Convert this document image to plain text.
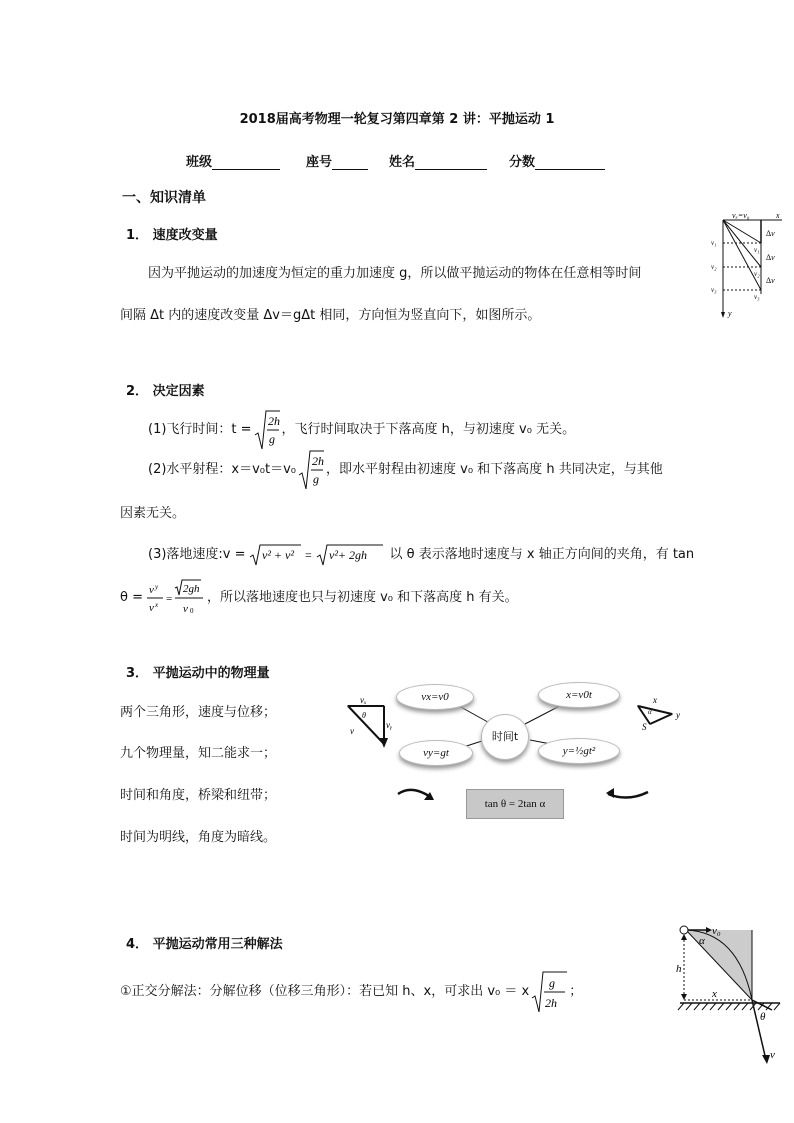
2018届高考物理一轮复习第四章第 2 讲：平抛运动 1
班级	座号	姓名	分数
一、知识清单
1． 速度改变量
因为平抛运动的加速度为恒定的重力加速度 g，所以做平抛运动的物体在任意相等时间
间隔 Δt 内的速度改变量 Δv＝gΔt 相同，方向恒为竖直向下，如图所示。
vₓ=v₀	x
y
v₁
v₂
v₃
v₁
v₂
v₃
Δv
Δv
Δv
2． 决定因素
(1)飞行时间：t =
2h
g
，飞行时间取决于下落高度 h，与初速度 v₀ 无关。
(2)水平射程：x＝v₀t＝v₀
2h
g
，即水平射程由初速度 v₀ 和下落高度 h 共同决定，与其他
因素无关。
(3)落地速度:v = v² + v² = v²+ 2gh 以 θ 表示落地时速度与 x 轴正方向间的夹角，有 tan
θ = v y
v x =
2gh
v 0
，所以落地速度也只与初速度 v₀ 和下落高度 h 有关。
3． 平抛运动中的物理量
两个三角形，速度与位移；
九个物理量，知二能求一；
时间和角度，桥梁和纽带；
时间为明线，角度为暗线。
vₓ
θ
vᵧ
v
x
y
S
α
vx=v0	x=v0t
vy=gt	y=½gt²
时间t
tan θ = 2tan α
4． 平抛运动常用三种解法
①正交分解法：分解位移（位移三角形）：若已知 h、x，可求出 v₀ ＝ x
g
2h
；
v₀
α
h
x
θ
v
